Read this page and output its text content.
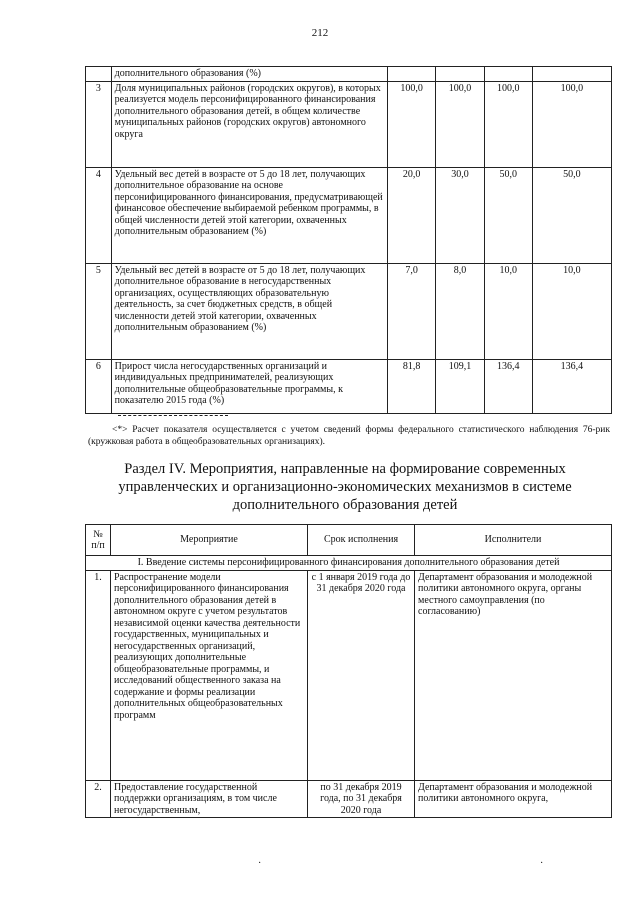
212
	дополнительного образования (%)				
3	Доля муниципальных районов (городских округов), в которых реализуется модель персонифицированного финансирования дополнительного образования детей, в общем количестве муниципальных районов (городских округов) автономного округа	100,0	100,0	100,0	100,0
4	Удельный вес детей в возрасте от 5 до 18 лет, получающих дополнительное образование на основе персонифицированного финансирования, предусматривающей финансовое обеспечение выбираемой ребенком программы, в общей численности детей этой категории, охваченных дополнительным образованием (%)	20,0	30,0	50,0	50,0
5	Удельный вес детей в возрасте от 5 до 18 лет, получающих дополнительное образование в негосударственных организациях, осуществляющих образовательную деятельность, за счет бюджетных средств, в общей численности детей этой категории, охваченных дополнительным образованием (%)	7,0	8,0	10,0	10,0
6	Прирост числа негосударственных организаций и индивидуальных предпринимателей, реализующих дополнительные общеобразовательные программы, к показателю 2015 года (%)	81,8	109,1	136,4	136,4
<*> Расчет показателя осуществляется с учетом сведений формы федерального статистического наблюдения 76-рик (кружковая работа в общеобразовательных организациях).
Раздел IV. Мероприятия, направленные на формирование современных управленческих и организационно-экономических механизмов в системе дополнительного образования детей
№ п/п	Мероприятие	Срок исполнения	Исполнители
I. Введение системы персонифицированного финансирования дополнительного образования детей			
1.	Распространение модели персонифицированного финансирования дополнительного образования детей в автономном округе с учетом результатов независимой оценки качества деятельности государственных, муниципальных и негосударственных организаций, реализующих дополнительные общеобразовательные программы, и исследований общественного заказа на содержание и формы реализации дополнительных общеобразовательных программ	с 1 января 2019 года до 31 декабря 2020 года	Департамент образования и молодежной политики автономного округа, органы местного самоуправления (по согласованию)
2.	Предоставление государственной поддержки организациям, в том числе негосударственным,	по 31 декабря 2019 года, по 31 декабря 2020 года	Департамент образования и молодежной политики автономного округа,
·	·
